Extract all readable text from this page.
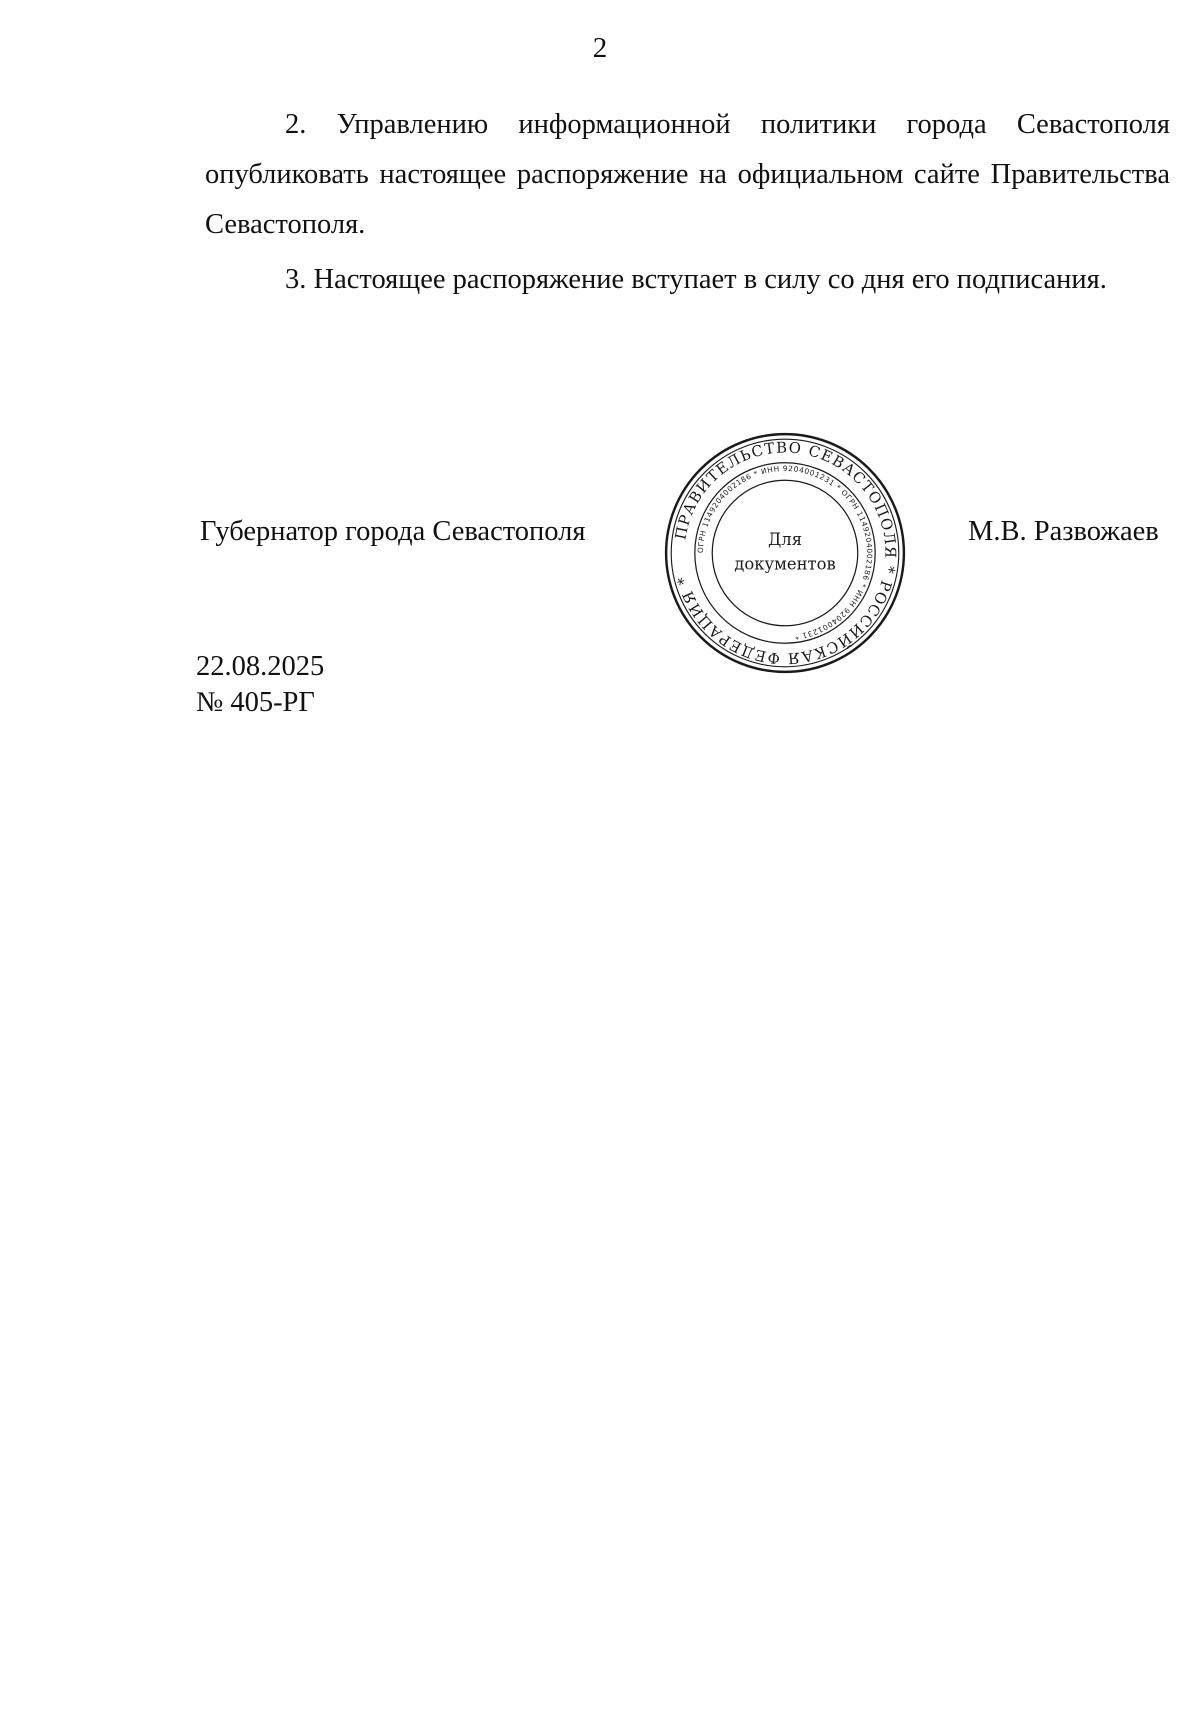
2

2. Управлению информационной политики города Севастополя опубликовать настоящее распоряжение на официальном сайте Правительства Севастополя.

3. Настоящее распоряжение вступает в силу со дня его подписания.

Губернатор города Севастополя	ПРАВИТЕЛЬСТВО СЕВАСТОПОЛЯ * РОССИЙСКАЯ ФЕДЕРАЦИЯ *
ОГРН 1149204002186 * ИНН 9204001231 * ОГРН 1149204002186 * ИНН 9204001231 *
Для
документов
М.В. Развожаев
22.08.2025
№ 405-РГ
